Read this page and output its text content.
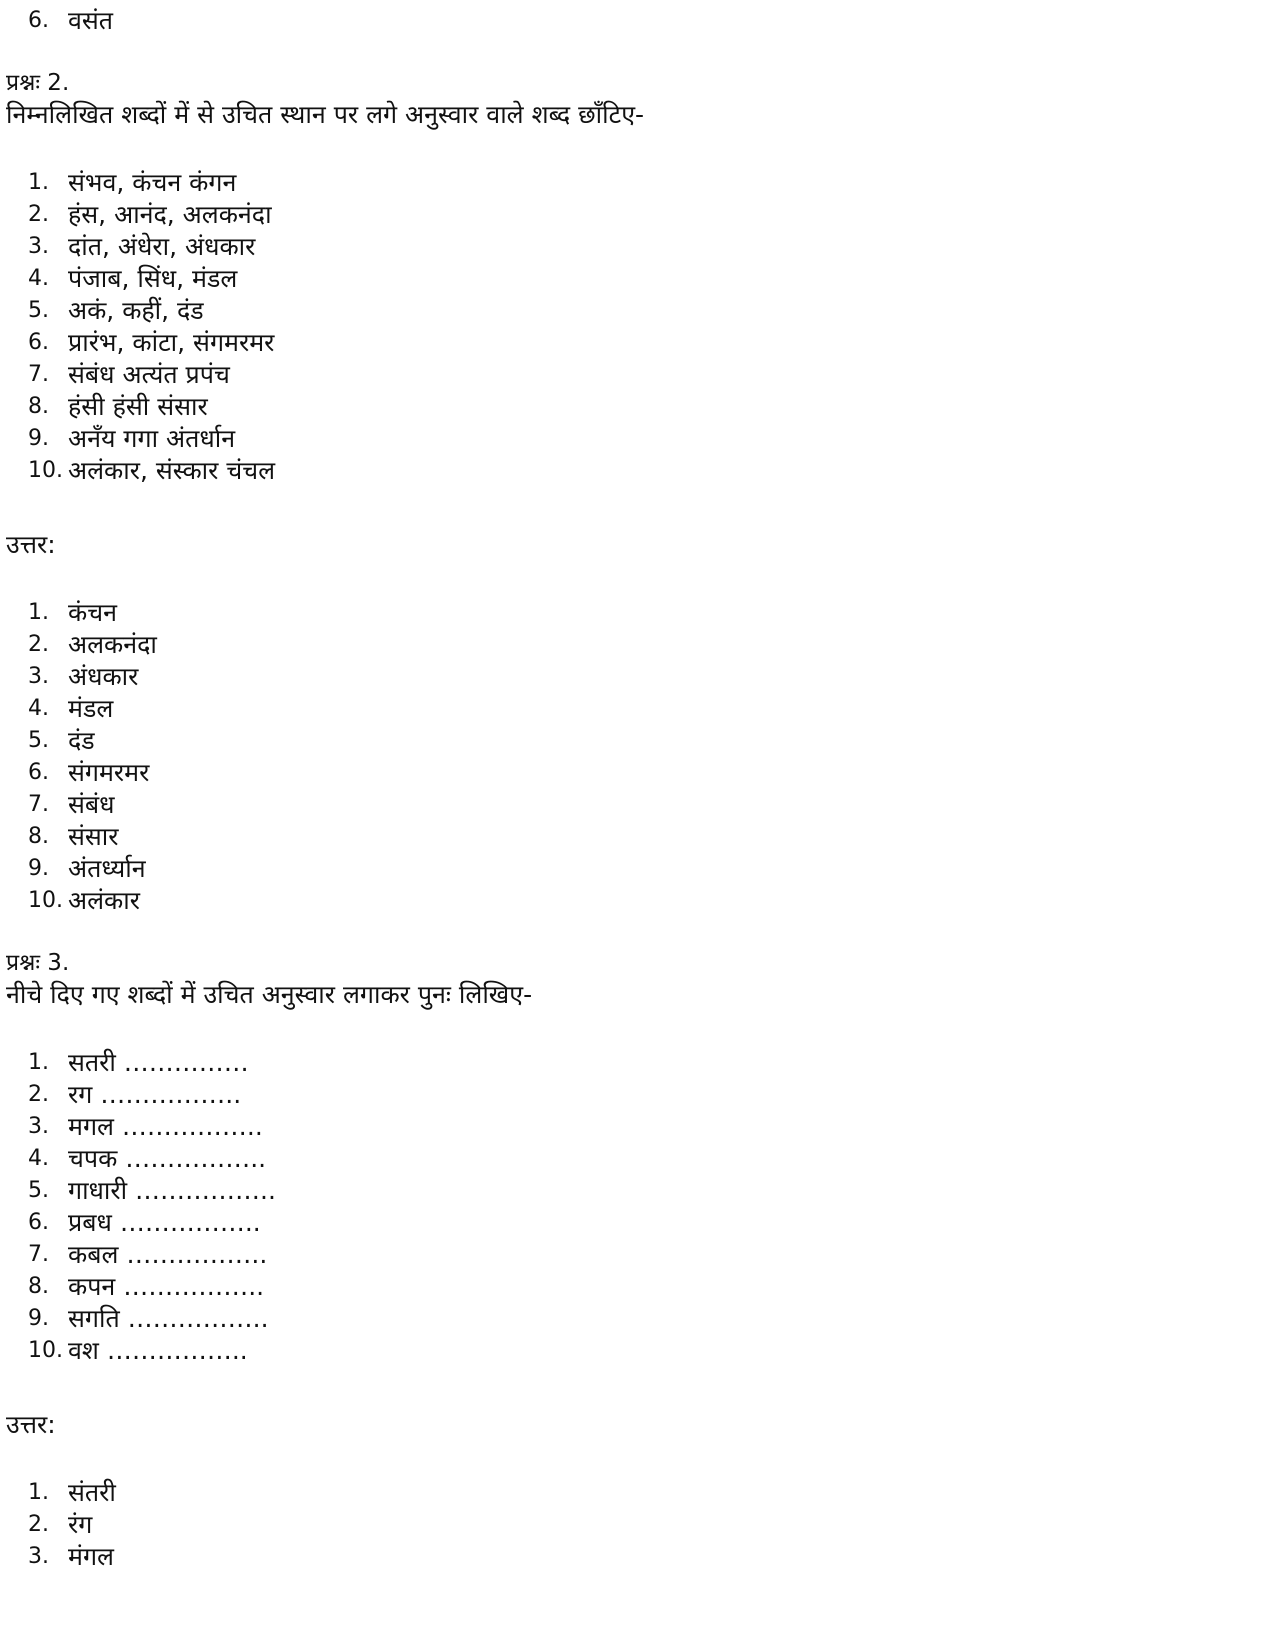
6. वसंत
प्रश्नः 2.
निम्नलिखित शब्दों में से उचित स्थान पर लगे अनुस्वार वाले शब्द छाँटिए-
1. संभव, कंचन कंगन
2. हंस, आनंद, अलकनंदा
3. दांत, अंधेरा, अंधकार
4. पंजाब, सिंध, मंडल
5. अकं, कहीं, दंड
6. प्रारंभ, कांटा, संगमरमर
7. संबंध अत्यंत प्रपंच
8. हंसी हंसी संसार
9. अनँय गगा अंतर्धान
10. अलंकार, संस्कार चंचल
उत्तर:
1. कंचन
2. अलकनंदा
3. अंधकार
4. मंडल
5. दंड
6. संगमरमर
7. संबंध
8. संसार
9. अंतर्ध्यान
10. अलंकार
प्रश्नः 3.
नीचे दिए गए शब्दों में उचित अनुस्वार लगाकर पुनः लिखिए-
1. सतरी ……………
2. रग ……………..
3. मगल ……………..
4. चपक ……………..
5. गाधारी ……………..
6. प्रबध ……………..
7. कबल ……………..
8. कपन ……………..
9. सगति ……………..
10. वश ……………..
उत्तर:
1. संतरी
2. रंग
3. मंगल
